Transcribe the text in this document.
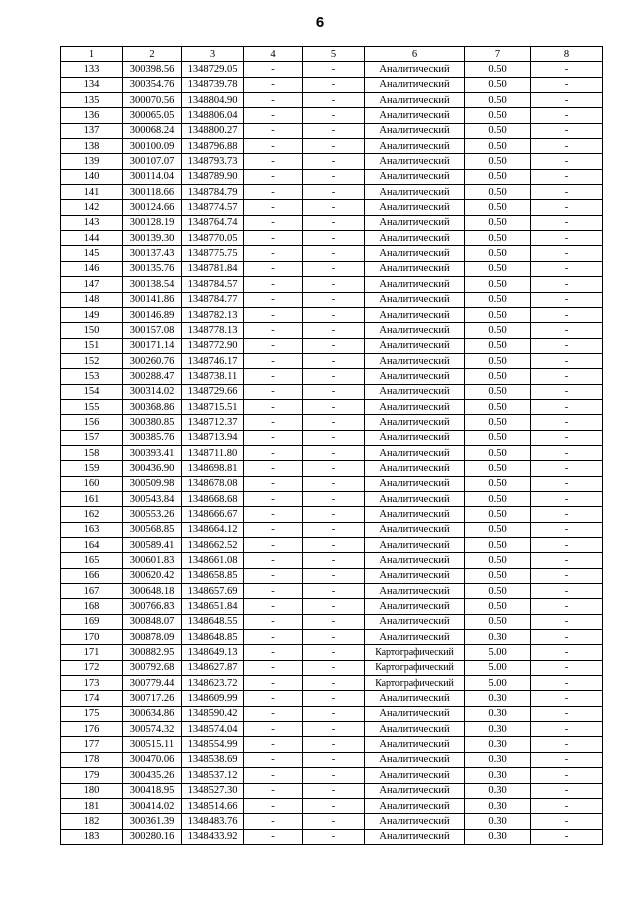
6
1	2	3	4	5	6	7	8
133	300398.56	1348729.05	-	-	Аналитический	0.50	-
134	300354.76	1348739.78	-	-	Аналитический	0.50	-
135	300070.56	1348804.90	-	-	Аналитический	0.50	-
136	300065.05	1348806.04	-	-	Аналитический	0.50	-
137	300068.24	1348800.27	-	-	Аналитический	0.50	-
138	300100.09	1348796.88	-	-	Аналитический	0.50	-
139	300107.07	1348793.73	-	-	Аналитический	0.50	-
140	300114.04	1348789.90	-	-	Аналитический	0.50	-
141	300118.66	1348784.79	-	-	Аналитический	0.50	-
142	300124.66	1348774.57	-	-	Аналитический	0.50	-
143	300128.19	1348764.74	-	-	Аналитический	0.50	-
144	300139.30	1348770.05	-	-	Аналитический	0.50	-
145	300137.43	1348775.75	-	-	Аналитический	0.50	-
146	300135.76	1348781.84	-	-	Аналитический	0.50	-
147	300138.54	1348784.57	-	-	Аналитический	0.50	-
148	300141.86	1348784.77	-	-	Аналитический	0.50	-
149	300146.89	1348782.13	-	-	Аналитический	0.50	-
150	300157.08	1348778.13	-	-	Аналитический	0.50	-
151	300171.14	1348772.90	-	-	Аналитический	0.50	-
152	300260.76	1348746.17	-	-	Аналитический	0.50	-
153	300288.47	1348738.11	-	-	Аналитический	0.50	-
154	300314.02	1348729.66	-	-	Аналитический	0.50	-
155	300368.86	1348715.51	-	-	Аналитический	0.50	-
156	300380.85	1348712.37	-	-	Аналитический	0.50	-
157	300385.76	1348713.94	-	-	Аналитический	0.50	-
158	300393.41	1348711.80	-	-	Аналитический	0.50	-
159	300436.90	1348698.81	-	-	Аналитический	0.50	-
160	300509.98	1348678.08	-	-	Аналитический	0.50	-
161	300543.84	1348668.68	-	-	Аналитический	0.50	-
162	300553.26	1348666.67	-	-	Аналитический	0.50	-
163	300568.85	1348664.12	-	-	Аналитический	0.50	-
164	300589.41	1348662.52	-	-	Аналитический	0.50	-
165	300601.83	1348661.08	-	-	Аналитический	0.50	-
166	300620.42	1348658.85	-	-	Аналитический	0.50	-
167	300648.18	1348657.69	-	-	Аналитический	0.50	-
168	300766.83	1348651.84	-	-	Аналитический	0.50	-
169	300848.07	1348648.55	-	-	Аналитический	0.50	-
170	300878.09	1348648.85	-	-	Аналитический	0.30	-
171	300882.95	1348649.13	-	-	Картографический	5.00	-
172	300792.68	1348627.87	-	-	Картографический	5.00	-
173	300779.44	1348623.72	-	-	Картографический	5.00	-
174	300717.26	1348609.99	-	-	Аналитический	0.30	-
175	300634.86	1348590.42	-	-	Аналитический	0.30	-
176	300574.32	1348574.04	-	-	Аналитический	0.30	-
177	300515.11	1348554.99	-	-	Аналитический	0.30	-
178	300470.06	1348538.69	-	-	Аналитический	0.30	-
179	300435.26	1348537.12	-	-	Аналитический	0.30	-
180	300418.95	1348527.30	-	-	Аналитический	0.30	-
181	300414.02	1348514.66	-	-	Аналитический	0.30	-
182	300361.39	1348483.76	-	-	Аналитический	0.30	-
183	300280.16	1348433.92	-	-	Аналитический	0.30	-
